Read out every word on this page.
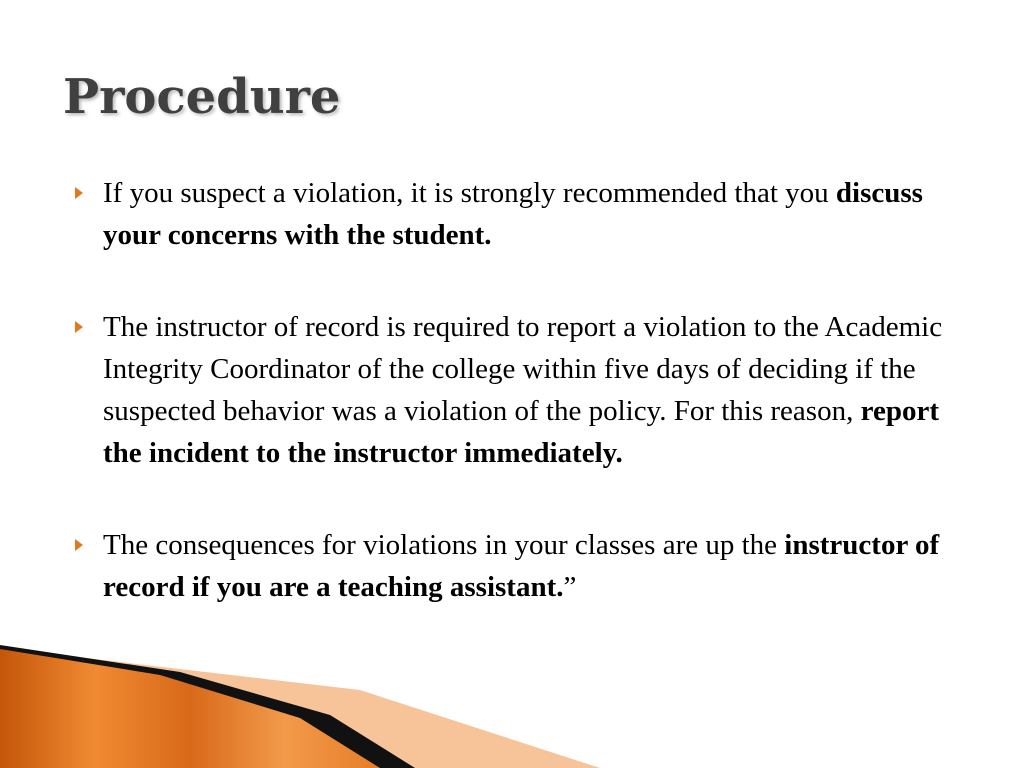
Procedure
If you suspect a violation, it is strongly recommended that you discuss your concerns with the student.
The instructor of record is required to report a violation to the Academic Integrity Coordinator of the college within five days of deciding if the suspected behavior was a violation of the policy. For this reason, report the incident to the instructor immediately.
The consequences for violations in your classes are up the instructor of record if you are a teaching assistant.”
